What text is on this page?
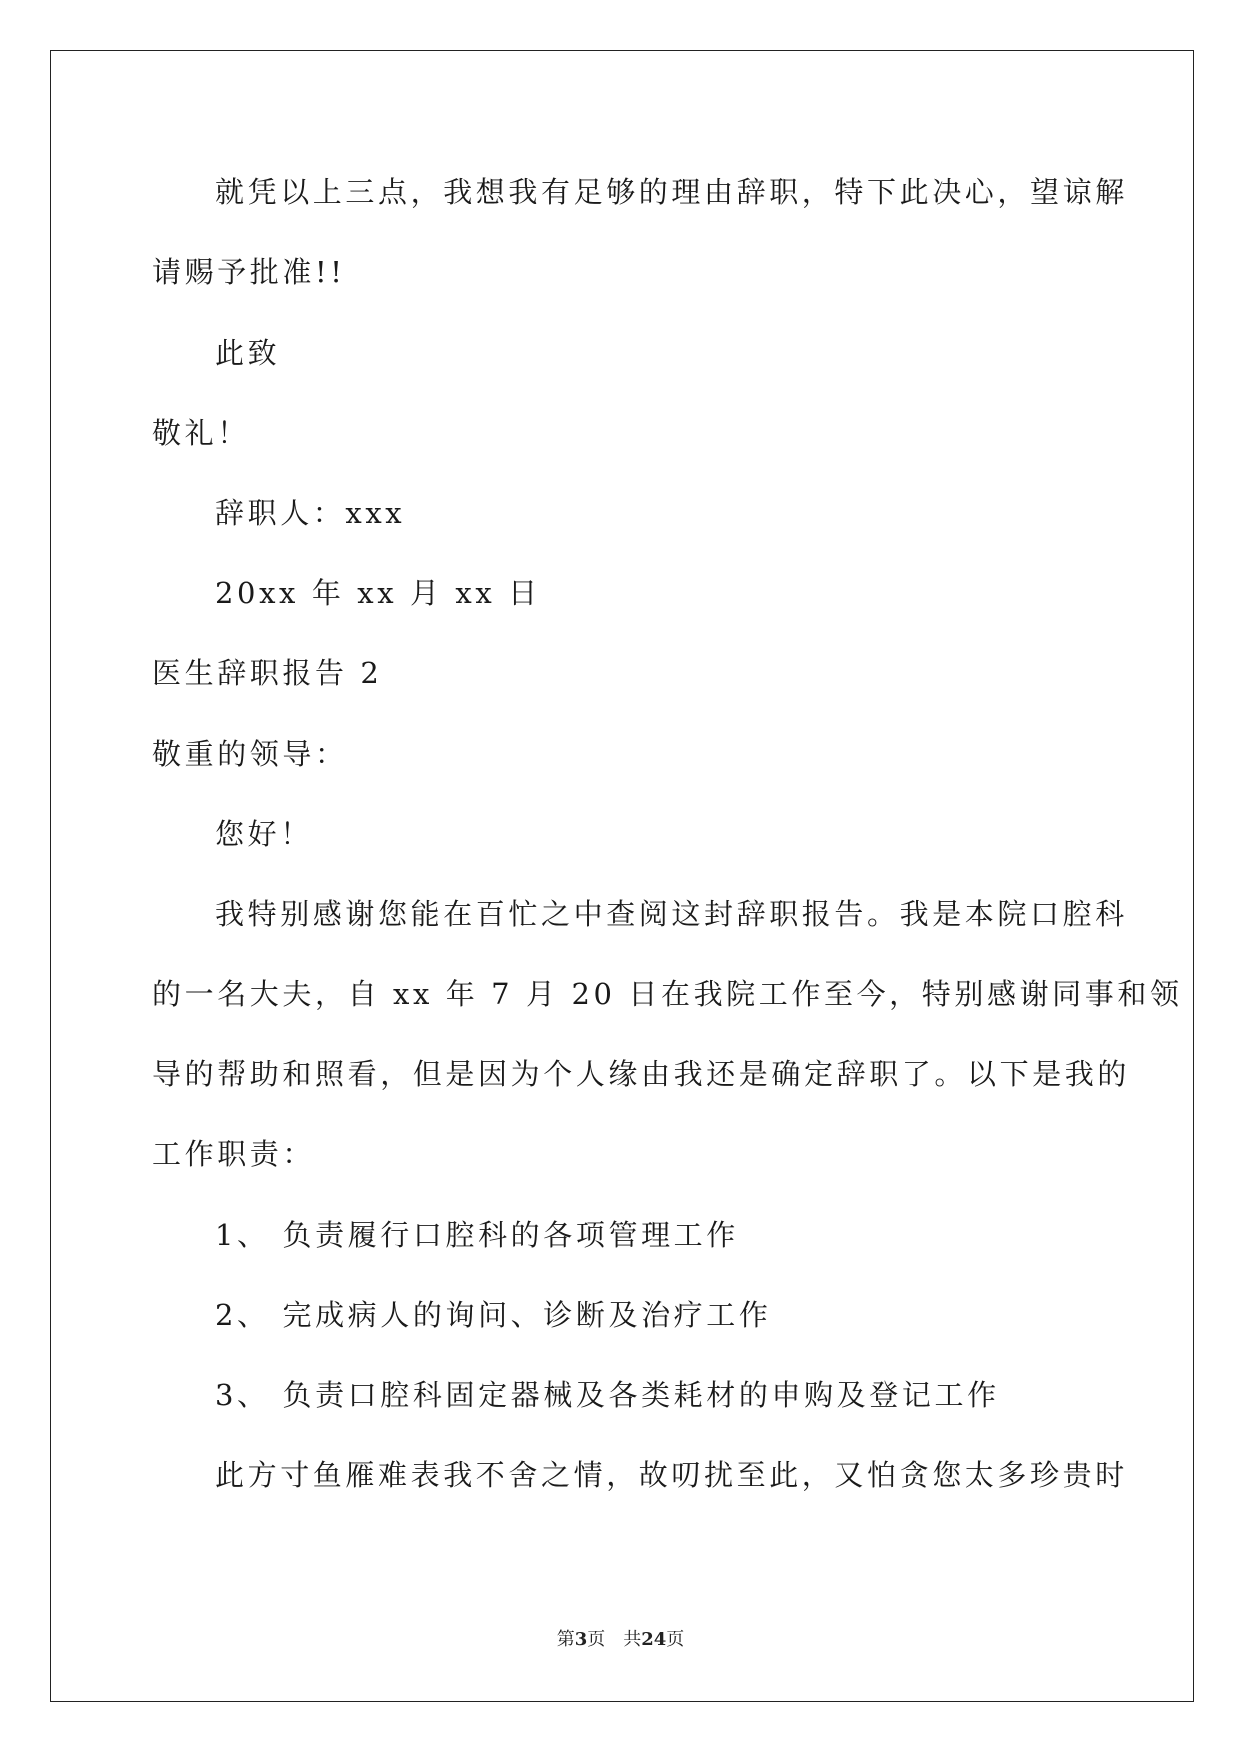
就凭以上三点，我想我有足够的理由辞职，特下此决心，望谅解
请赐予批准!!
此致
敬礼！
辞职人：xxx
20xx 年 xx 月 xx 日
医生辞职报告 2
敬重的领导：
您好！
我特别感谢您能在百忙之中查阅这封辞职报告。我是本院口腔科
的一名大夫，自 xx 年 7 月 20 日在我院工作至今，特别感谢同事和领
导的帮助和照看，但是因为个人缘由我还是确定辞职了。以下是我的
工作职责：
1、 负责履行口腔科的各项管理工作
2、 完成病人的询问、诊断及治疗工作
3、 负责口腔科固定器械及各类耗材的申购及登记工作
此方寸鱼雁难表我不舍之情，故叨扰至此，又怕贪您太多珍贵时
第3页 共24页
